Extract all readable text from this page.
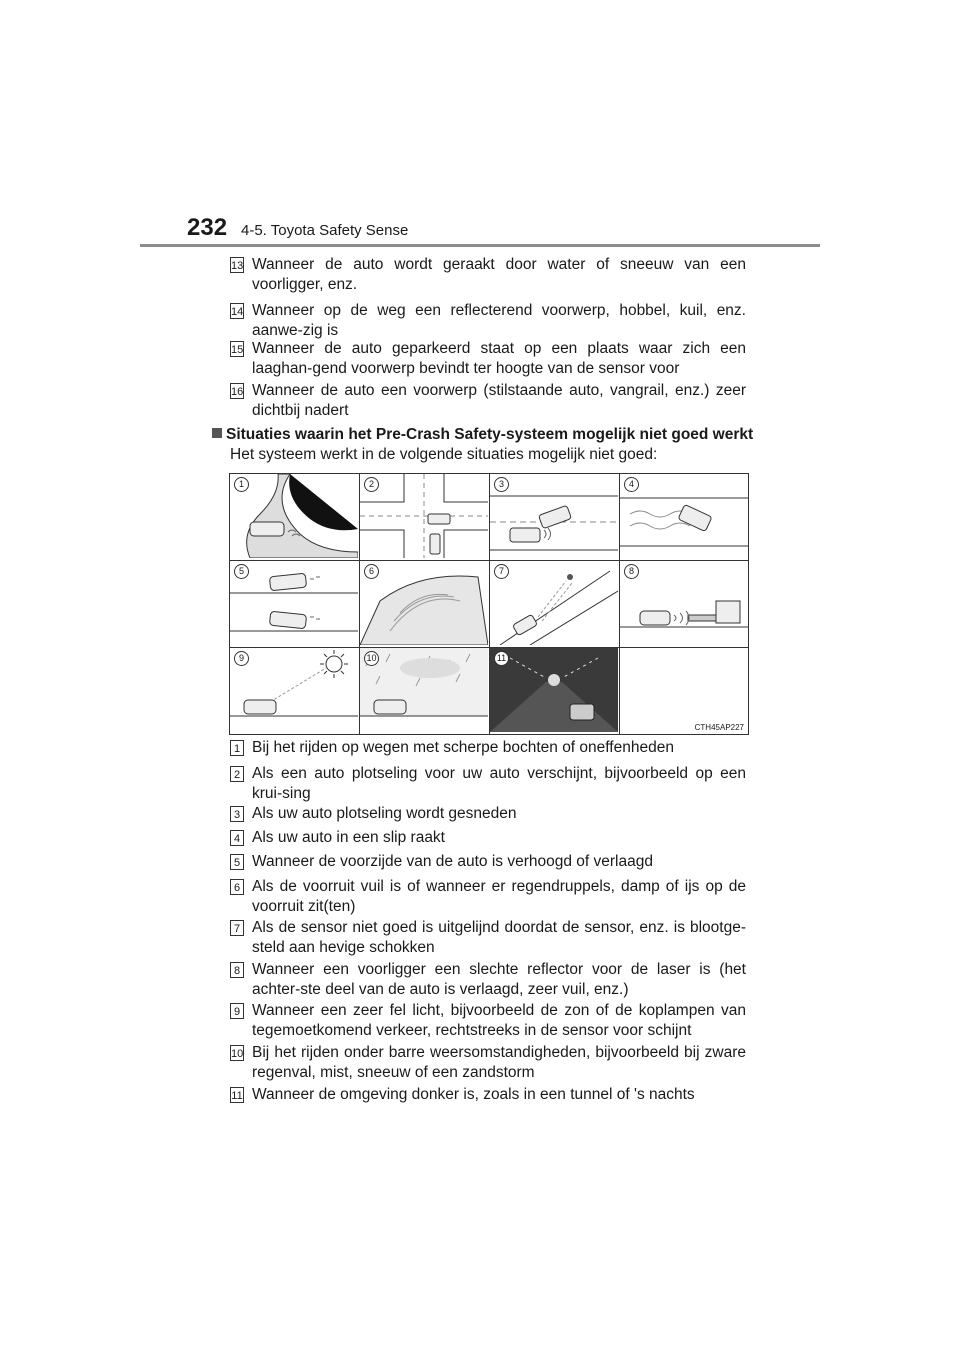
232 4-5. Toyota Safety Sense
13 Wanneer de auto wordt geraakt door water of sneeuw van een voorligger, enz.
14 Wanneer op de weg een reflecterend voorwerp, hobbel, kuil, enz. aanwe-zig is
15 Wanneer de auto geparkeerd staat op een plaats waar zich een laaghan-gend voorwerp bevindt ter hoogte van de sensor voor
16 Wanneer de auto een voorwerp (stilstaande auto, vangrail, enz.) zeer dichtbij nadert
Situaties waarin het Pre-Crash Safety-systeem mogelijk niet goed werkt
Het systeem werkt in de volgende situaties mogelijk niet goed:
1	2	3	4
5	6	7	8
9	10	11
CTH45AP227
1 Bij het rijden op wegen met scherpe bochten of oneffenheden
2 Als een auto plotseling voor uw auto verschijnt, bijvoorbeeld op een krui-sing
3 Als uw auto plotseling wordt gesneden
4 Als uw auto in een slip raakt
5 Wanneer de voorzijde van de auto is verhoogd of verlaagd
6 Als de voorruit vuil is of wanneer er regendruppels, damp of ijs op de voorruit zit(ten)
7 Als de sensor niet goed is uitgelijnd doordat de sensor, enz. is blootge-steld aan hevige schokken
8 Wanneer een voorligger een slechte reflector voor de laser is (het achter-ste deel van de auto is verlaagd, zeer vuil, enz.)
9 Wanneer een zeer fel licht, bijvoorbeeld de zon of de koplampen van tegemoetkomend verkeer, rechtstreeks in de sensor voor schijnt
10 Bij het rijden onder barre weersomstandigheden, bijvoorbeeld bij zware regenval, mist, sneeuw of een zandstorm
11 Wanneer de omgeving donker is, zoals in een tunnel of 's nachts
